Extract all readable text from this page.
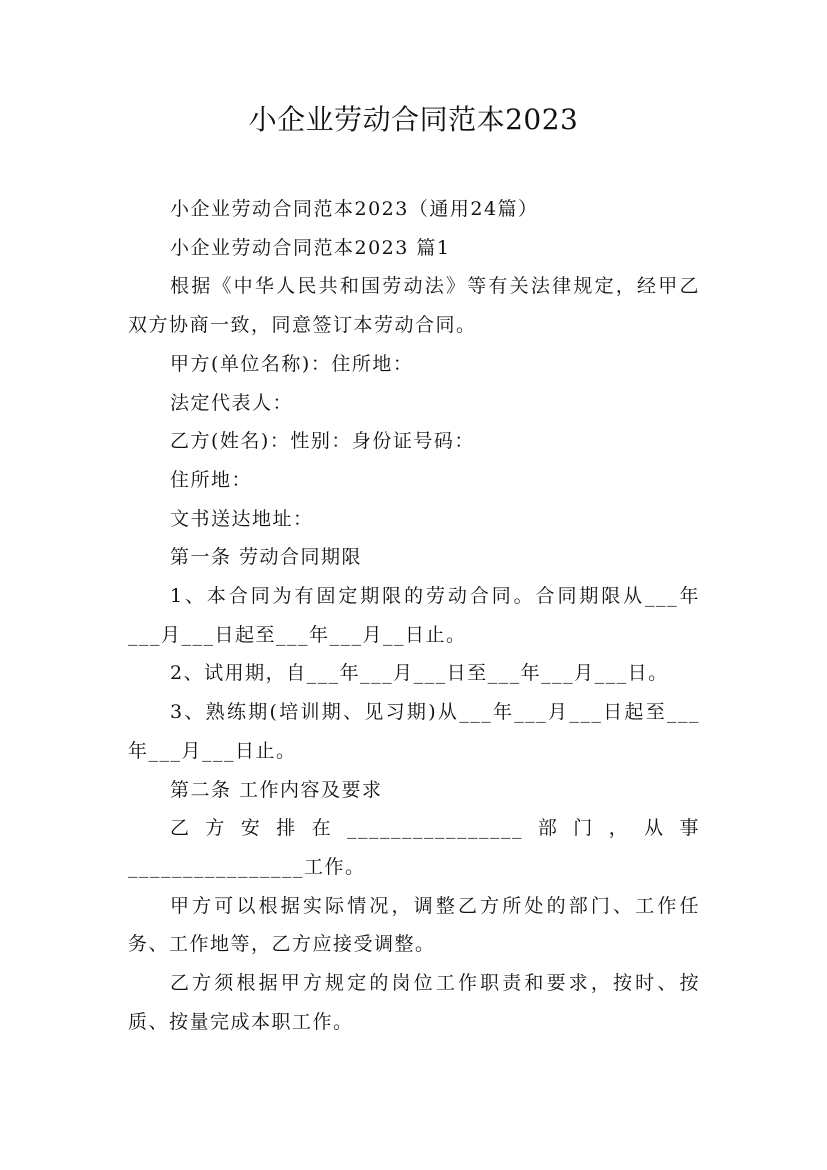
小企业劳动合同范本2023

小企业劳动合同范本2023（通用24篇）

小企业劳动合同范本2023 篇1

根据《中华人民共和国劳动法》等有关法律规定，经甲乙双方协商一致，同意签订本劳动合同。

甲方(单位名称)：住所地：

法定代表人：

乙方(姓名)：性别：身份证号码：

住所地：

文书送达地址：

第一条 劳动合同期限

1、本合同为有固定期限的劳动合同。合同期限从___年___月___日起至___年___月__日止。

2、试用期，自___年___月___日至___年___月___日。

3、熟练期(培训期、见习期)从___年___月___日起至___年___月___日止。

第二条 工作内容及要求

乙方安排在________________部门，从事________________工作。

甲方可以根据实际情况，调整乙方所处的部门、工作任务、工作地等，乙方应接受调整。

乙方须根据甲方规定的岗位工作职责和要求，按时、按质、按量完成本职工作。
